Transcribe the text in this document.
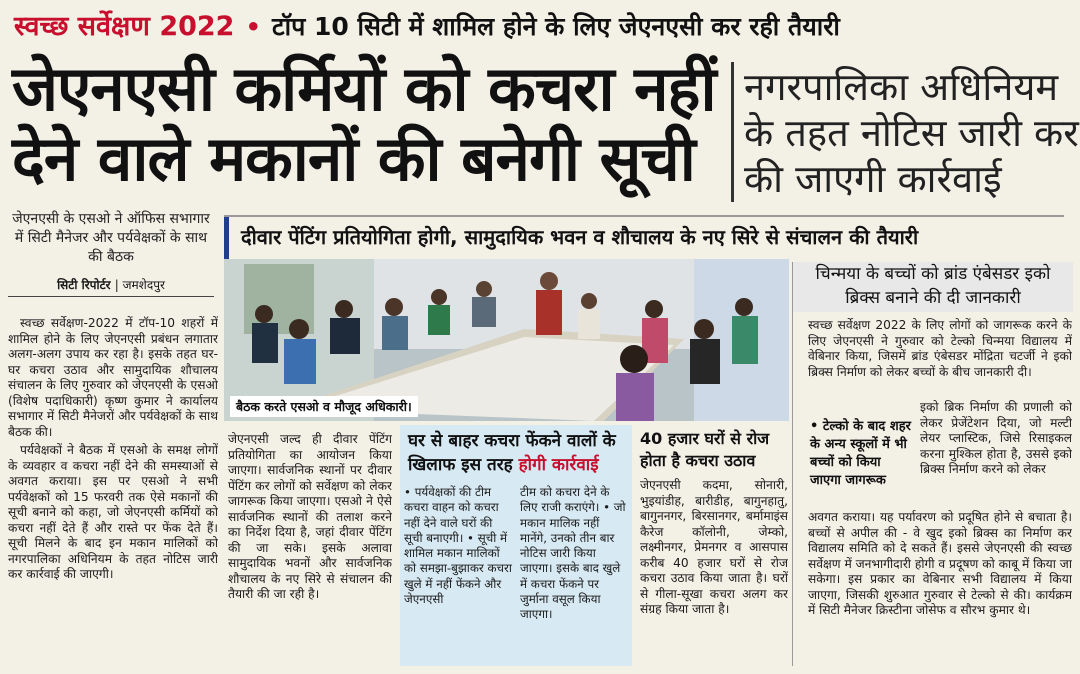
स्वच्छ सर्वेक्षण 2022 • टॉप 10 सिटी में शामिल होने के लिए जेएनएसी कर रही तैयारी
जेएनएसी कर्मियों को कचरा नहीं
देने वाले मकानों की बनेगी सूची
नगरपालिका अधिनियम
के तहत नोटिस जारी कर
की जाएगी कार्रवाई
जेएनएसी के एसओ ने ऑफिस सभागार में सिटी मैनेजर और पर्यवेक्षकों के साथ की बैठक
सिटी रिपोर्टर | जमशेदपुर

स्वच्छ सर्वेक्षण-2022 में टॉप-10 शहरों में शामिल होने के लिए जेएनएसी प्रबंधन लगातार अलग-अलग उपाय कर रहा है। इसके तहत घर-घर कचरा उठाव और सामुदायिक शौचालय संचालन के लिए गुरुवार को जेएनएसी के एसओ (विशेष पदाधिकारी) कृष्ण कुमार ने कार्यालय सभागार में सिटी मैनेजरों और पर्यवेक्षकों के साथ बैठक की।

पर्यवेक्षकों ने बैठक में एसओ के समक्ष लोगों के व्यवहार व कचरा नहीं देने की समस्याओं से अवगत कराया। इस पर एसओ ने सभी पर्यवेक्षकों को 15 फरवरी तक ऐसे मकानों की सूची बनाने को कहा, जो जेएनएसी कर्मियों को कचरा नहीं देते हैं और रास्ते पर फेंक देते हैं। सूची मिलने के बाद इन मकान मालिकों को नगरपालिका अधिनियम के तहत नोटिस जारी कर कार्रवाई की जाएगी।

दीवार पेंटिंग प्रतियोगिता होगी, सामुदायिक भवन व शौचालय के नए सिरे से संचालन की तैयारी
बैठक करते एसओ व मौजूद अधिकारी।

जेएनएसी जल्द ही दीवार पेंटिंग प्रतियोगिता का आयोजन किया जाएगा। सार्वजनिक स्थानों पर दीवार पेंटिंग कर लोगों को सर्वेक्षण को लेकर जागरूक किया जाएगा। एसओ ने ऐसे सार्वजनिक स्थानों की तलाश करने का निर्देश दिया है, जहां दीवार पेंटिंग की जा सके। इसके अलावा सामुदायिक भवनों और सार्वजनिक शौचालय के नए सिरे से संचालन की तैयारी की जा रही है।

घर से बाहर कचरा फेंकने वालों के खिलाफ इस तरह होगी कार्रवाई
• पर्यवेक्षकों की टीम कचरा वाहन को कचरा नहीं देने वाले घरों की सूची बनाएगी। • सूची में शामिल मकान मालिकों को समझा-बुझाकर कचरा खुले में नहीं फेंकने और जेएनएसी
टीम को कचरा देने के लिए राजी कराएंगे। • जो मकान मालिक नहीं मानेंगे, उनको तीन बार नोटिस जारी किया जाएगा। इसके बाद खुले में कचरा फेंकने पर जुर्माना वसूल किया जाएगा।
40 हजार घरों से रोज होता है कचरा उठाव
जेएनएसी कदमा, सोनारी, भुइयांडीह, बारीडीह, बागुनहातु, बागुननगर, बिरसानगर, बर्मामाइंस कैरेज कॉलोनी, जेम्को, लक्ष्मीनगर, प्रेमनगर व आसपास करीब 40 हजार घरों से रोज कचरा उठाव किया जाता है। घरों से गीला-सूखा कचरा अलग कर संग्रह किया जाता है।
चिन्मया के बच्चों को ब्रांड एंबेसडर इको ब्रिक्स बनाने की दी जानकारी
स्वच्छ सर्वेक्षण 2022 के लिए लोगों को जागरूक करने के लिए जेएनएसी ने गुरुवार को टेल्को चिन्मया विद्यालय में वेबिनार किया, जिसमें ब्रांड एंबेसडर मोंद्रिता चटर्जी ने इको ब्रिक्स निर्माण को लेकर बच्चों के बीच जानकारी दी।
• टेल्को के बाद शहर के अन्य स्कूलों में भी बच्चों को किया जाएगा जागरूक
इको ब्रिक निर्माण की प्रणाली को लेकर प्रेजेंटेशन दिया, जो मल्टी लेयर प्लास्टिक, जिसे रिसाइकल करना मुश्किल होता है, उससे इको ब्रिक्स निर्माण करने को लेकर
अवगत कराया। यह पर्यावरण को प्रदूषित होने से बचाता है। बच्चों से अपील की - वे खुद इको ब्रिक्स का निर्माण कर विद्यालय समिति को दे सकते हैं। इससे जेएनएसी की स्वच्छ सर्वेक्षण में जनभागीदारी होगी व प्रदूषण को काबू में किया जा सकेगा। इस प्रकार का वेबिनार सभी विद्यालय में किया जाएगा, जिसकी शुरुआत गुरुवार से टेल्को से की। कार्यक्रम में सिटी मैनेजर क्रिस्टीना जोसेफ व सौरभ कुमार थे।
